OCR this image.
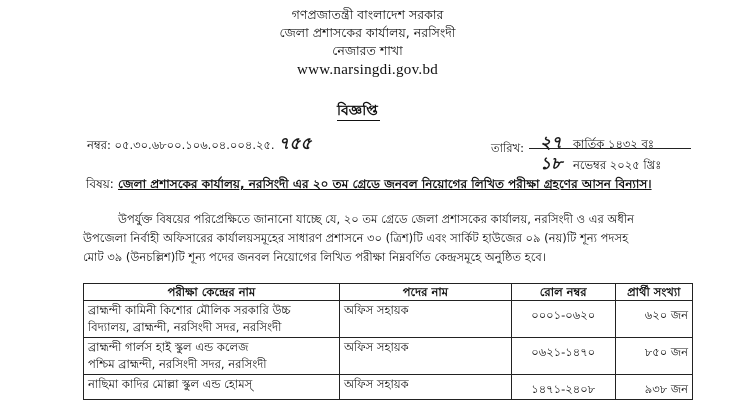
গণপ্রজাতন্ত্রী বাংলাদেশ সরকার
জেলা প্রশাসকের কার্যালয়, নরসিংদী
নেজারত শাখা
www.narsingdi.gov.bd
বিজ্ঞপ্তি
নম্বর: ০৫.৩০.৬৮০০.১০৬.০৪.০০৪.২৫. ৭৫৫	তারিখ: ২৭ কার্তিক ১৪৩২ বঃ
১৮ নভেম্বর ২০২৫ খ্রিঃ
বিষয়: জেলা প্রশাসকের কার্যালয়, নরসিংদী এর ২০ তম গ্রেডে জনবল নিয়োগের লিখিত পরীক্ষা গ্রহণের আসন বিন্যাস।
উপর্যুক্ত বিষয়ের পরিপ্রেক্ষিতে জানানো যাচ্ছে যে, ২০ তম গ্রেডে জেলা প্রশাসকের কার্যালয়, নরসিংদী ও এর অধীন
উপজেলা নির্বাহী অফিসারের কার্যালয়সমূহের সাধারণ প্রশাসনে ৩০ (ত্রিশ)টি এবং সার্কিট হাউজের ০৯ (নয়)টি শূন্য পদসহ
মোট ৩৯ (উনচল্লিশ)টি শূন্য পদের জনবল নিয়োগের লিখিত পরীক্ষা নিম্নবর্ণিত কেন্দ্রসমূহে অনুষ্ঠিত হবে।
পরীক্ষা কেন্দ্রের নাম	পদের নাম	রোল নম্বর	প্রার্থী সংখ্যা

ব্রাহ্মন্দী কামিনী কিশোর মৌলিক সরকারি উচ্চ
বিদ্যালয়, ব্রাহ্মন্দী, নরসিংদী সদর, নরসিংদী	অফিস সহায়ক	০০০১-০৬২০	৬২০ জন

ব্রাহ্মন্দী গার্লস হাই স্কুল এন্ড কলেজ
পশ্চিম ব্রাহ্মন্দী, নরসিংদী সদর, নরসিংদী	অফিস সহায়ক	০৬২১-১৪৭০	৮৫০ জন

নাছিমা কাদির মোল্লা স্কুল এন্ড হোমস্	অফিস সহায়ক	১৪৭১-২৪০৮	৯৩৮ জন
